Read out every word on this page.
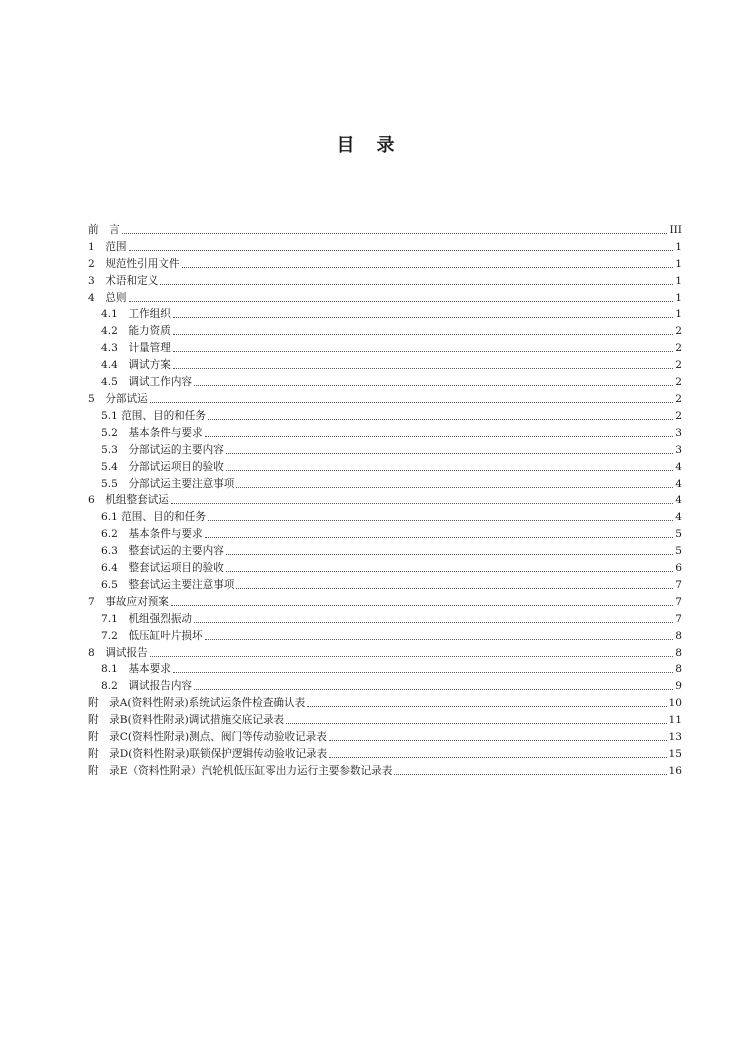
目　录
前　言	III
1　范围	1
2　规范性引用文件	1
3　术语和定义	1
4　总则	1
4.1　工作组织	1
4.2　能力资质	2
4.3　计量管理	2
4.4　调试方案	2
4.5　调试工作内容	2
5　分部试运	2
5.1 范围、目的和任务	2
5.2　基本条件与要求	3
5.3　分部试运的主要内容	3
5.4　分部试运项目的验收	4
5.5　分部试运主要注意事项	4
6　机组整套试运	4
6.1 范围、目的和任务	4
6.2　基本条件与要求	5
6.3　整套试运的主要内容	5
6.4　整套试运项目的验收	6
6.5　整套试运主要注意事项	7
7　事故应对预案	7
7.1　机组强烈振动	7
7.2　低压缸叶片损坏	8
8　调试报告	8
8.1　基本要求	8
8.2　调试报告内容	9
附　录A(资料性附录)系统试运条件检查确认表	10
附　录B(资料性附录)调试措施交底记录表	11
附　录C(资料性附录)测点、阀门等传动验收记录表	13
附　录D(资料性附录)联锁保护逻辑传动验收记录表	15
附　录E（资料性附录）汽轮机低压缸零出力运行主要参数记录表	16
